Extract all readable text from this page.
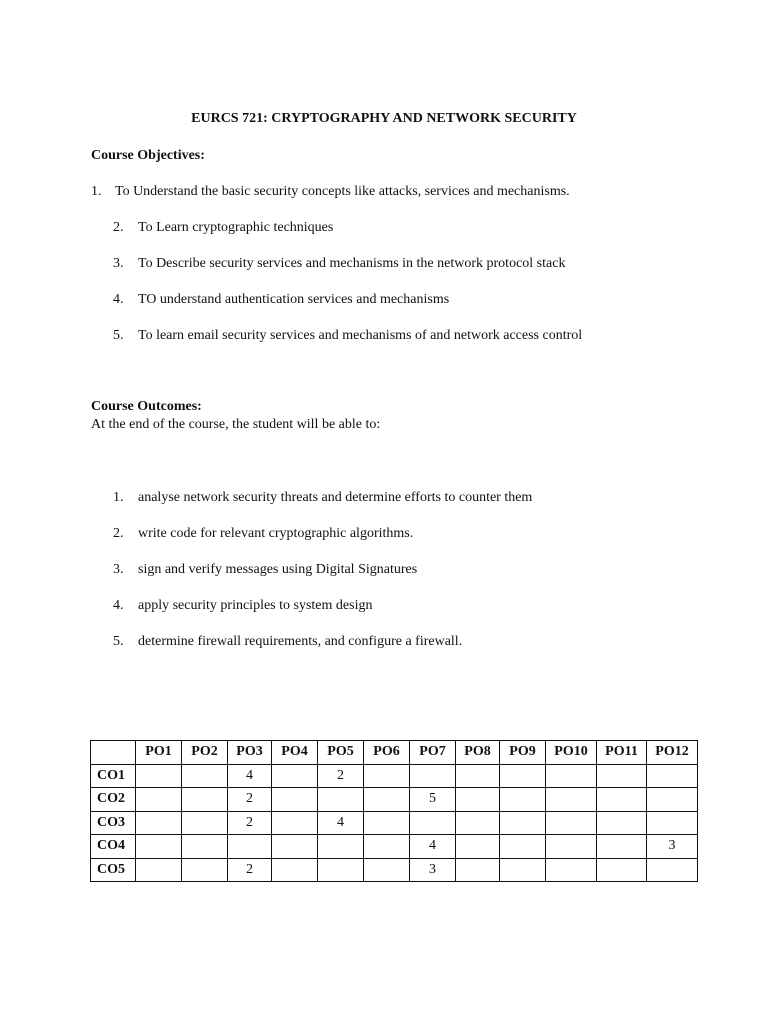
EURCS 721: CRYPTOGRAPHY AND NETWORK SECURITY
Course Objectives:
1. To Understand the basic security concepts like attacks, services and mechanisms.
2. To Learn cryptographic techniques
3. To Describe security services and mechanisms in the network protocol stack
4. TO understand authentication services and mechanisms
5. To learn email security services and mechanisms of and network access control
Course Outcomes:
At the end of the course, the student will be able to:
1. analyse network security threats and determine efforts to counter them
2. write code for relevant cryptographic algorithms.
3. sign and verify messages using Digital Signatures
4. apply security principles to system design
5. determine firewall requirements, and configure a firewall.
	PO1	PO2	PO3	PO4	PO5	PO6	PO7	PO8	PO9	PO10	PO11	PO12
CO1			4		2							
CO2			2				5					
CO3			2		4							
CO4							4					3
CO5			2				3					
